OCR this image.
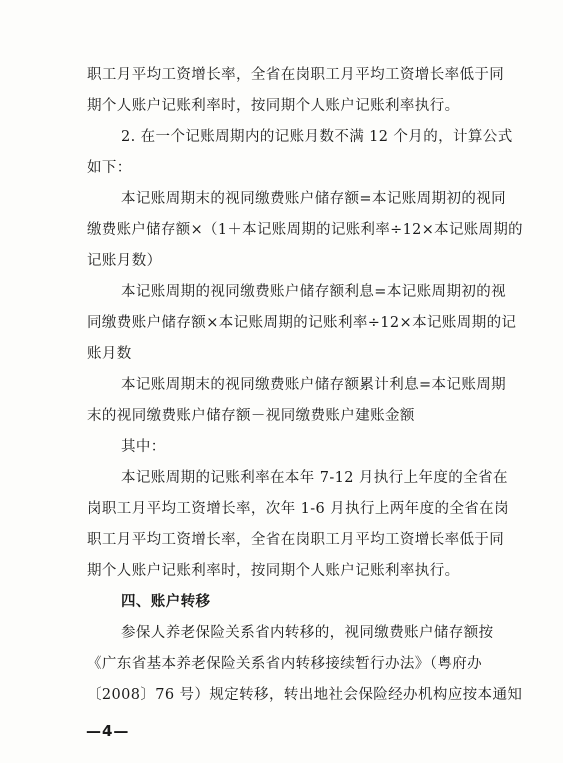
职工月平均工资增长率，全省在岗职工月平均工资增长率低于同
期个人账户记账利率时，按同期个人账户记账利率执行。
2. 在一个记账周期内的记账月数不满 12 个月的，计算公式
如下：
本记账周期末的视同缴费账户储存额=本记账周期初的视同
缴费账户储存额×（1＋本记账周期的记账利率÷12×本记账周期的
记账月数）
本记账周期的视同缴费账户储存额利息=本记账周期初的视
同缴费账户储存额×本记账周期的记账利率÷12×本记账周期的记
账月数
本记账周期末的视同缴费账户储存额累计利息=本记账周期
末的视同缴费账户储存额－视同缴费账户建账金额
其中：
本记账周期的记账利率在本年 7-12 月执行上年度的全省在
岗职工月平均工资增长率，次年 1-6 月执行上两年度的全省在岗
职工月平均工资增长率，全省在岗职工月平均工资增长率低于同
期个人账户记账利率时，按同期个人账户记账利率执行。
四、账户转移
参保人养老保险关系省内转移的，视同缴费账户储存额按
《广东省基本养老保险关系省内转移接续暂行办法》（粤府办
〔2008〕76 号）规定转移，转出地社会保险经办机构应按本通知
—4—
